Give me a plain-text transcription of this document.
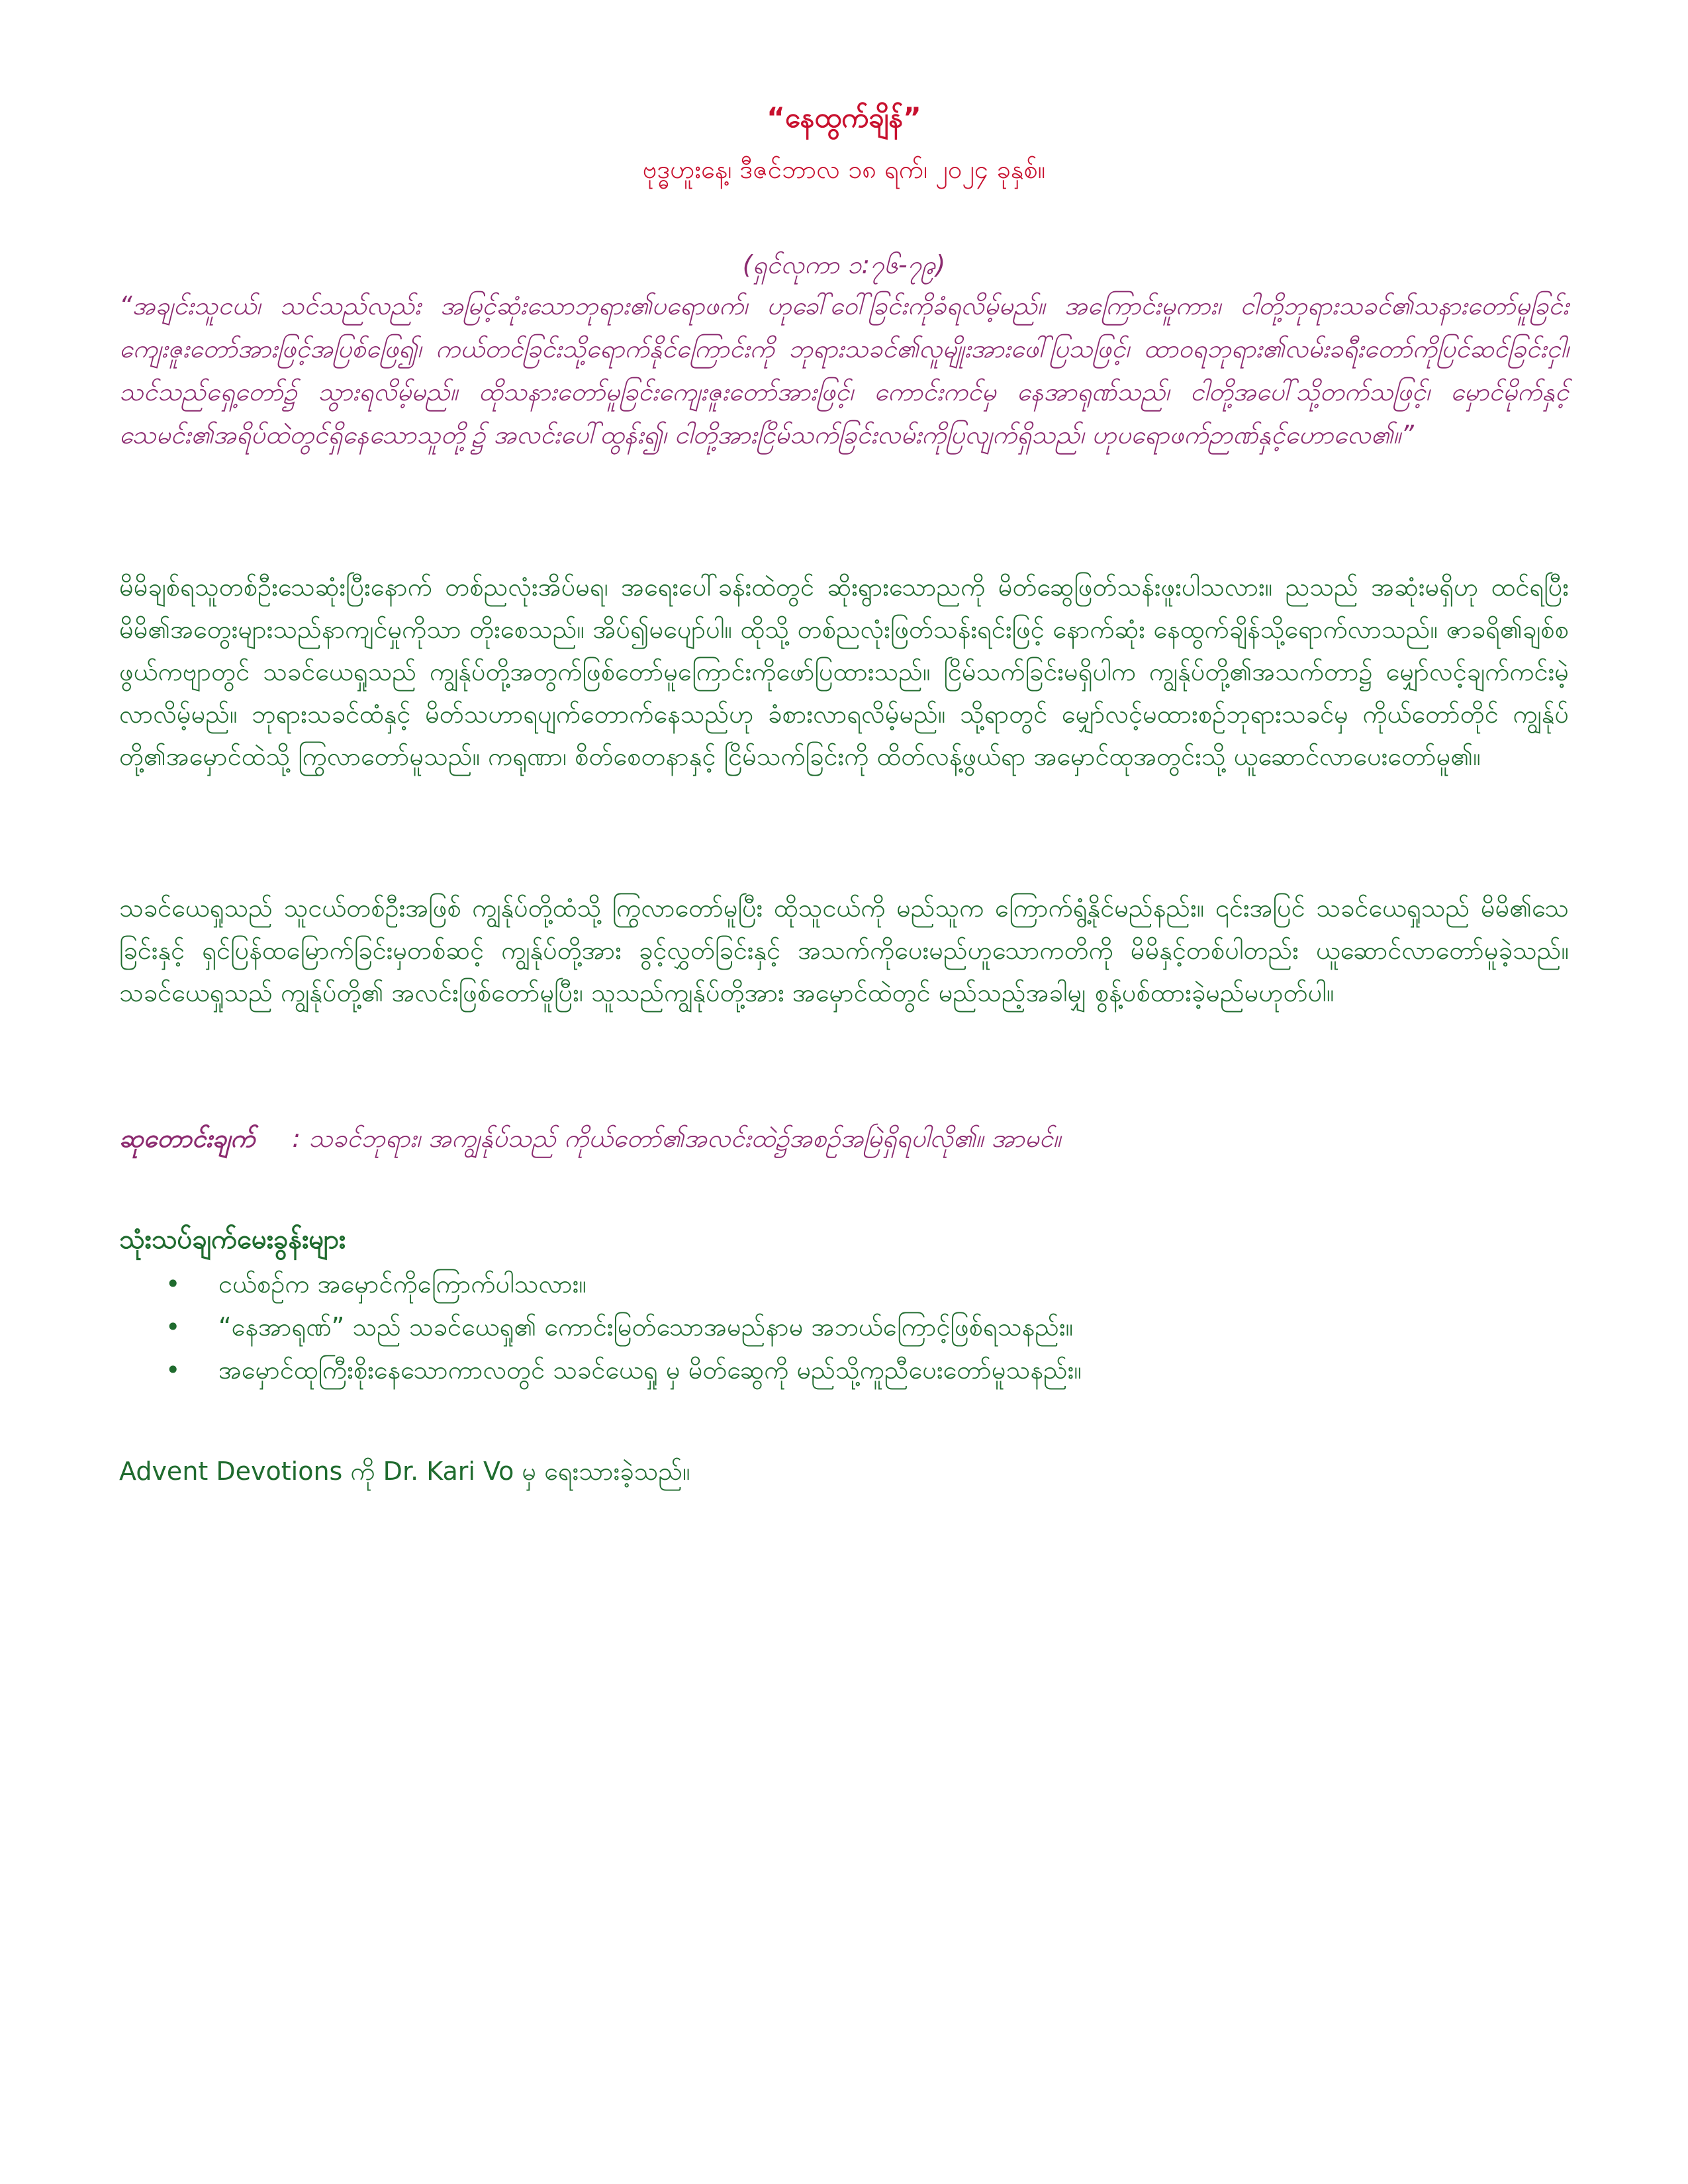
“နေထွက်ချိန်”
ဗုဒ္ဓဟူးနေ့၊ ဒီဇင်ဘာလ ၁၈ ရက်၊ ၂၀၂၄ ခုနှစ်။
(ရှင်လုကာ ၁:၇၆-၇၉)

“အချင်းသူငယ်၊ သင်သည်လည်း အမြင့်ဆုံးသောဘုရား၏ပရောဖက်၊ ဟုခေါ်ဝေါ်ခြင်းကိုခံရလိမ့်မည်။ အကြောင်းမူကား၊ ငါတို့ဘုရားသခင်၏သနားတော်မူခြင်းကျေးဇူးတော်အားဖြင့်အပြစ်ဖြေ၍၊ ကယ်တင်ခြင်းသို့ရောက်နိုင်ကြောင်းကို ဘုရားသခင်၏လူမျိုးအားဖေါ်ပြသဖြင့်၊ ထာဝရဘုရား၏လမ်းခရီးတော်ကိုပြင်ဆင်ခြင်းငှါ၊ သင်သည်ရှေ့တော်၌ သွားရလိမ့်မည်။ ထိုသနားတော်မူခြင်းကျေးဇူးတော်အားဖြင့်၊ ကောင်းကင်မှ နေအာရုဏ်သည်၊ ငါတို့အပေါ်သို့တက်သဖြင့်၊ မှောင်မိုက်နှင့်သေမင်း၏အရိပ်ထဲတွင်ရှိနေသောသူတို့၌ အလင်းပေါ်ထွန်း၍၊ ငါတို့အားငြိမ်သက်ခြင်းလမ်းကိုပြလျက်ရှိသည်၊ ဟုပရောဖက်ဉာဏ်နှင့်ဟောလေ၏။”

မိမိချစ်ရသူတစ်ဦးသေဆုံးပြီးနောက် တစ်ညလုံးအိပ်မရ၊ အရေးပေါ်ခန်းထဲတွင် ဆိုးရွားသောညကို မိတ်ဆွေဖြတ်သန်းဖူးပါသလား။ ညသည် အဆုံးမရှိဟု ထင်ရပြီး မိမိ၏အတွေးများသည်နာကျင်မှုကိုသာ တိုးစေသည်။ အိပ်၍မပျော်ပါ။ ထိုသို့ တစ်ညလုံးဖြတ်သန်းရင်းဖြင့် နောက်ဆုံး နေထွက်ချိန်သို့ရောက်လာသည်။ ဇာခရိ၏ချစ်စဖွယ်ကဗျာတွင် သခင်ယေရှုသည် ကျွန်ုပ်တို့အတွက်ဖြစ်တော်မူကြောင်းကိုဖော်ပြထားသည်။ ငြိမ်သက်ခြင်းမရှိပါက ကျွန်ုပ်တို့၏အသက်တာ၌ မျှော်လင့်ချက်ကင်းမဲ့လာလိမ့်မည်။ ဘုရားသခင်ထံနှင့် မိတ်သဟာရပျက်တောက်နေသည်ဟု ခံစားလာရလိမ့်မည်။ သို့ရာတွင် မျှော်လင့်မထားစဉ်ဘုရားသခင်မှ ကိုယ်တော်တိုင် ကျွန်ုပ်တို့၏အမှောင်ထဲသို့ ကြွလာတော်မူသည်။ ကရုဏာ၊ စိတ်စေတနာနှင့် ငြိမ်သက်ခြင်းကို ထိတ်လန့်ဖွယ်ရာ အမှောင်ထုအတွင်းသို့ ယူဆောင်လာပေးတော်မူ၏။

သခင်ယေရှုသည် သူငယ်တစ်ဦးအဖြစ် ကျွန်ုပ်တို့ထံသို့ ကြွလာတော်မူပြီး ထိုသူငယ်ကို မည်သူက ကြောက်ရွံ့နိုင်မည်နည်း။ ၎င်းအပြင် သခင်ယေရှုသည် မိမိ၏သေခြင်းနှင့် ရှင်ပြန်ထမြောက်ခြင်းမှတစ်ဆင့် ကျွန်ုပ်တို့အား ခွင့်လွှတ်ခြင်းနှင့် အသက်ကိုပေးမည်ဟူသောကတိကို မိမိနှင့်တစ်ပါတည်း ယူဆောင်လာတော်မူခဲ့သည်။ သခင်ယေရှုသည် ကျွန်ုပ်တို့၏ အလင်းဖြစ်တော်မူပြီး၊ သူသည်ကျွန်ုပ်တို့အား အမှောင်ထဲတွင် မည်သည့်အခါမျှ စွန့်ပစ်ထားခဲ့မည်မဟုတ်ပါ။

ဆုတောင်းချက် : သခင်ဘုရား၊ အကျွန်ုပ်သည် ကိုယ်တော်၏အလင်းထဲ၌အစဉ်အမြဲရှိရပါလို၏။ အာမင်။

သုံးသပ်ချက်မေးခွန်းများ

• ငယ်စဉ်က အမှောင်ကိုကြောက်ပါသလား။
• “နေအာရုဏ်” သည် သခင်ယေရှု၏ ကောင်းမြတ်သောအမည်နာမ အဘယ်ကြောင့်ဖြစ်ရသနည်း။
• အမှောင်ထုကြီးစိုးနေသောကာလတွင် သခင်ယေရှု မှ မိတ်ဆွေကို မည်သို့ကူညီပေးတော်မူသနည်း။

Advent Devotions ကို Dr. Kari Vo မှ ရေးသားခဲ့သည်။
